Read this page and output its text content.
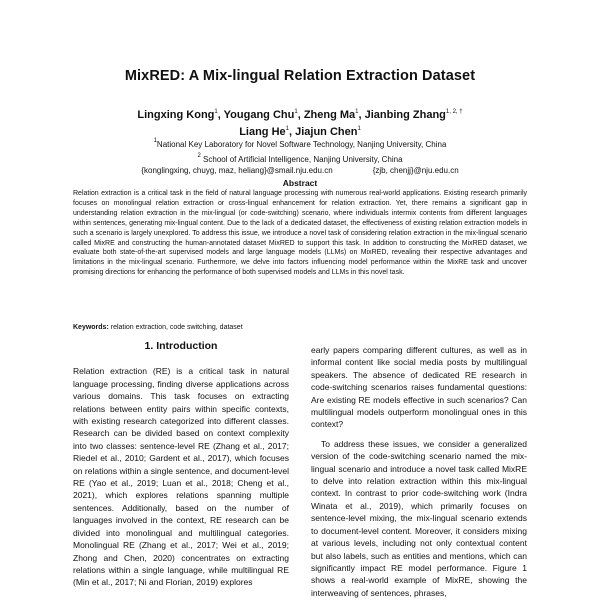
MixRED: A Mix-lingual Relation Extraction Dataset
Lingxing Kong$^1$, Yougang Chu$^1$, Zheng Ma$^1$, Jianbing Zhang$^{1, 2, \dagger}$
Liang He$^1$, Jiajun Chen$^1$
$^1$National Key Laboratory for Novel Software Technology, Nanjing University, China
$^2$ School of Artificial Intelligence, Nanjing University, China
{konglingxing, chuyg, maz, heliang}@smail.nju.edu.cn	{zjb, chenjj}@nju.edu.cn
Abstract
Relation extraction is a critical task in the field of natural language processing with numerous real-world applications. Existing research primarily focuses on monolingual relation extraction or cross-lingual enhancement for relation extraction. Yet, there remains a significant gap in understanding relation extraction in the mix-lingual (or code-switching) scenario, where individuals intermix contents from different languages within sentences, generating mix-lingual content. Due to the lack of a dedicated dataset, the effectiveness of existing relation extraction models in such a scenario is largely unexplored. To address this issue, we introduce a novel task of considering relation extraction in the mix-lingual scenario called MixRE and constructing the human-annotated dataset MixRED to support this task. In addition to constructing the MixRED dataset, we evaluate both state-of-the-art supervised models and large language models (LLMs) on MixRED, revealing their respective advantages and limitations in the mix-lingual scenario. Furthermore, we delve into factors influencing model performance within the MixRE task and uncover promising directions for enhancing the performance of both supervised models and LLMs in this novel task.
Keywords: relation extraction, code switching, dataset
1. Introduction

Relation extraction (RE) is a critical task in natural language processing, finding diverse applications across various domains. This task focuses on extracting relations between entity pairs within specific contexts, with existing research categorized into different classes. Research can be divided based on context complexity into two classes: sentence-level RE (Zhang et al., 2017; Riedel et al., 2010; Gardent et al., 2017), which focuses on relations within a single sentence, and document-level RE (Yao et al., 2019; Luan et al., 2018; Cheng et al., 2021), which explores relations spanning multiple sentences. Additionally, based on the number of languages involved in the context, RE research can be divided into monolingual and multilingual categories. Monolingual RE (Zhang et al., 2017; Wei et al., 2019; Zhong and Chen, 2020) concentrates on extracting relations within a single language, while multilingual RE (Min et al., 2017; Ni and Florian, 2019) explores

early papers comparing different cultures, as well as in informal content like social media posts by multilingual speakers. The absence of dedicated RE research in code-switching scenarios raises fundamental questions: Are existing RE models effective in such scenarios? Can multilingual models outperform monolingual ones in this context?

To address these issues, we consider a generalized version of the code-switching scenario named the mix-lingual scenario and introduce a novel task called MixRE to delve into relation extraction within this mix-lingual context. In contrast to prior code-switching work (Indra Winata et al., 2019), which primarily focuses on sentence-level mixing, the mix-lingual scenario extends to document-level content. Moreover, it considers mixing at various levels, including not only contextual content but also labels, such as entities and mentions, which can significantly impact RE model performance. Figure 1 shows a real-world example of MixRE, showing the interweaving of sentences, phrases,
